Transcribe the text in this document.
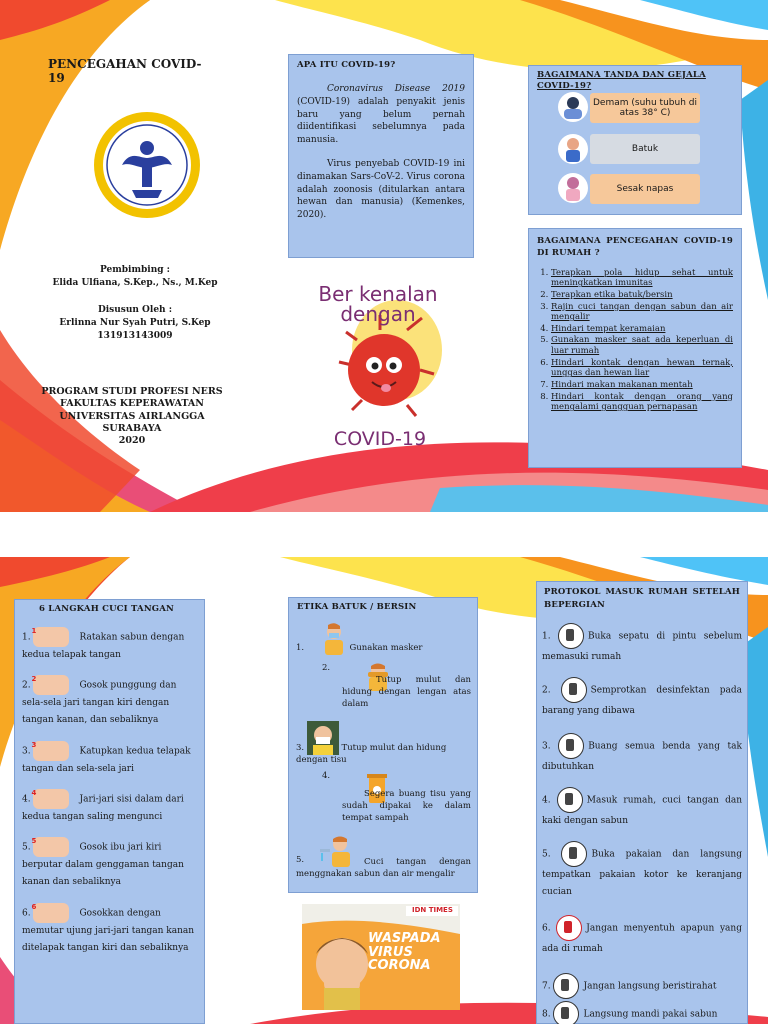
PENCEGAHAN COVID-19
Pembimbing :
Elida Ulfiana, S.Kep., Ns., M.Kep
Disusun Oleh :
Erlinna Nur Syah Putri, S.Kep
131913143009
PROGRAM STUDI PROFESI NERS
FAKULTAS KEPERAWATAN
UNIVERSITAS AIRLANGGA
SURABAYA
2020
APA ITU COVID-19?
Coronavirus Disease 2019 (COVID-19) adalah penyakit jenis baru yang belum pernah diidentifikasi sebelumnya pada manusia.
Virus penyebab COVID-19 ini dinamakan Sars-CoV-2. Virus corona adalah zoonosis (ditularkan antara hewan dan manusia) (Kemenkes, 2020).
Ber kenalan
dengan
COVID-19
BAGAIMANA TANDA DAN GEJALA COVID-19?
Demam (suhu tubuh di atas 38° C)
Batuk
Sesak napas
BAGAIMANA PENCEGAHAN COVID-19 DI RUMAH ?
1. Terapkan pola hidup sehat untuk meningkatkan imunitas
2. Terapkan etika batuk/bersin
3. Rajin cuci tangan dengan sabun dan air mengalir
4. Hindari tempat keramaian
5. Gunakan masker saat ada keperluan di luar rumah
6. Hindari kontak dengan hewan ternak, unggas dan hewan liar
7. Hindari makan makanan mentah
8. Hindari kontak dengan orang yang mengalami gangguan pernapasan
6 LANGKAH CUCI TANGAN
1.
1
Ratakan sabun dengan kedua telapak tangan
2.
2
Gosok punggung dan sela-sela jari tangan kiri dengan tangan kanan, dan sebaliknya
3.
3
Katupkan kedua telapak tangan dan sela-sela jari
4.
4
Jari-jari sisi dalam dari kedua tangan saling mengunci
5.
5
Gosok ibu jari kiri berputar dalam genggaman tangan kanan dan sebaliknya
6.
6
Gosokkan dengan memutar ujung jari-jari tangan kanan ditelapak tangan kiri dan sebaliknya
ETIKA BATUK / BERSIN
1.	Gunakan masker
2.
Tutup mulut dan hidung dengan lengan atas dalam
3.	Tutup mulut dan hidung dengan tisu
4.
Segera buang tisu yang sudah dipakai ke dalam tempat sampah
5.	Cuci tangan dengan menggnakan sabun dan air mengalir
IDN TIMES
WASPADA
VIRUS
CORONA
PROTOKOL MASUK RUMAH SETELAH BEPERGIAN
1.	Buka sepatu di pintu sebelum memasuki rumah
2.	Semprotkan desinfektan pada barang yang dibawa
3.	Buang semua benda yang tak dibutuhkan
4.	Masuk rumah, cuci tangan dan kaki dengan sabun
5.	Buka pakaian dan langsung tempatkan pakaian kotor ke keranjang cucian
6.	Jangan menyentuh apapun yang ada di rumah
7.	Jangan langsung beristirahat
8.	Langsung mandi pakai sabun
